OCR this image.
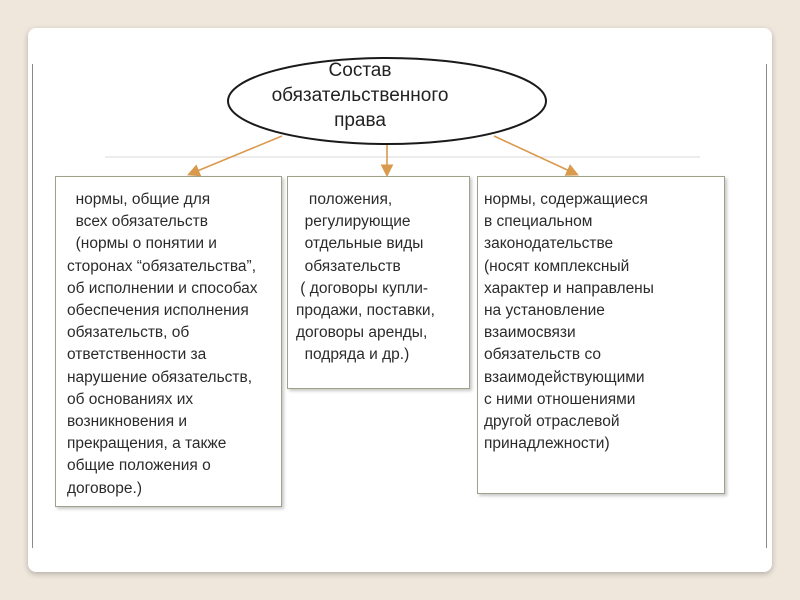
Состав
обязательственного
права

нормы, общие для

всех обязательств

(нормы о понятии и

сторонах “обязательства”,

об исполнении и способах

обеспечения исполнения

обязательств, об

ответственности за

нарушение обязательств,

об основаниях их

возникновения и

прекращения, а также

общие положения о

договоре.)

положения,

регулирующие

отдельные виды

обязательств

( договоры купли-

продажи, поставки,

договоры аренды,

подряда и др.)

нормы, содержащиеся

в специальном

законодательстве

(носят комплексный

характер и направлены

на установление

взаимосвязи

обязательств со

взаимодействующими

с ними отношениями

другой отраслевой

принадлежности)
